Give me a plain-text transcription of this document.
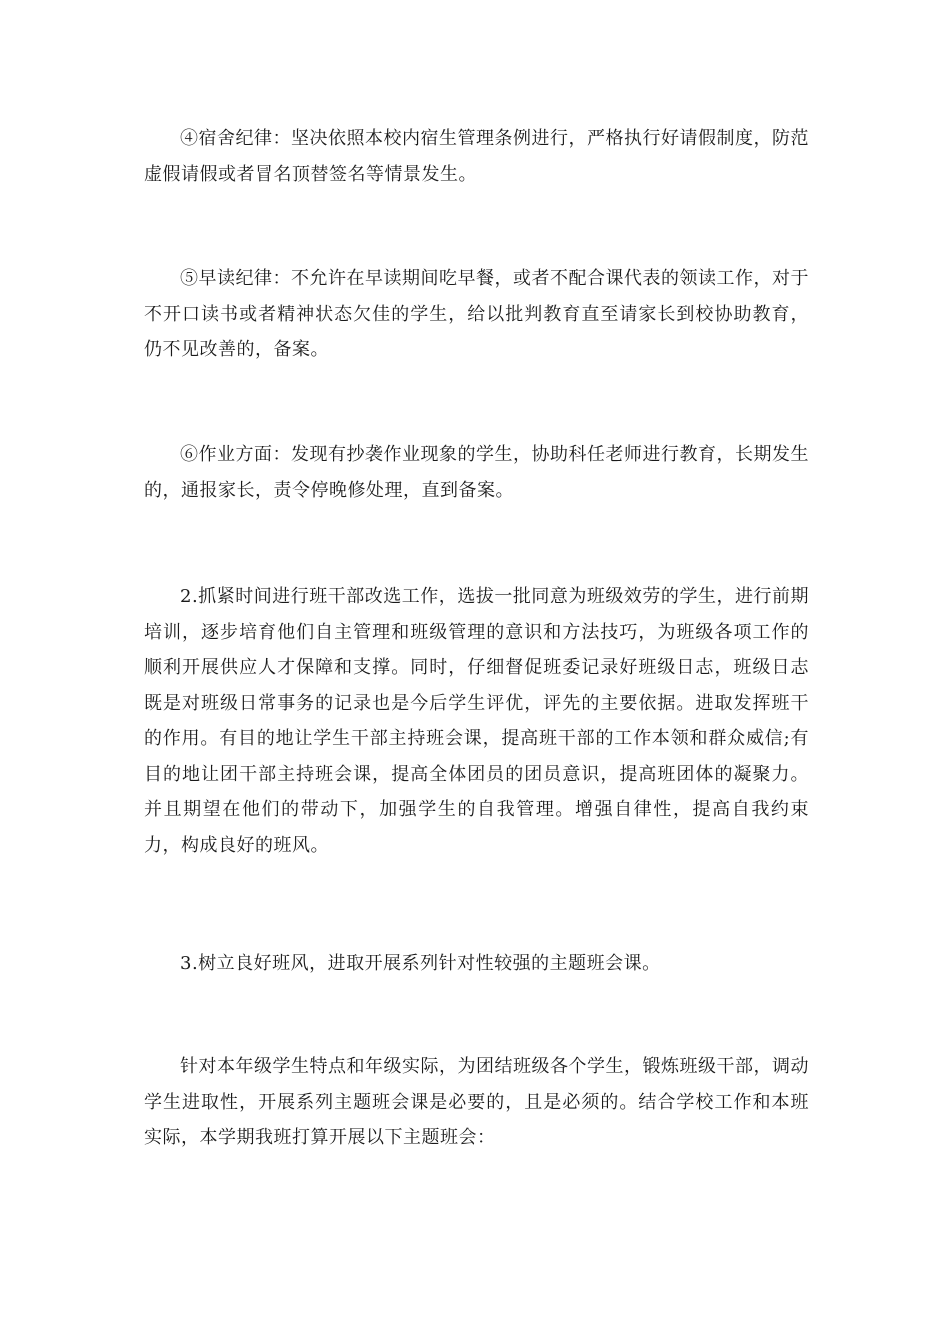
④宿舍纪律：坚决依照本校内宿生管理条例进行，严格执行好请假制度，防范虚假请假或者冒名顶替签名等情景发生。

⑤早读纪律：不允许在早读期间吃早餐，或者不配合课代表的领读工作，对于不开口读书或者精神状态欠佳的学生，给以批判教育直至请家长到校协助教育，仍不见改善的，备案。

⑥作业方面：发现有抄袭作业现象的学生，协助科任老师进行教育，长期发生的，通报家长，责令停晚修处理，直到备案。

2.抓紧时间进行班干部改选工作，选拔一批同意为班级效劳的学生，进行前期培训，逐步培育他们自主管理和班级管理的意识和方法技巧，为班级各项工作的顺利开展供应人才保障和支撑。同时，仔细督促班委记录好班级日志，班级日志既是对班级日常事务的记录也是今后学生评优，评先的主要依据。进取发挥班干的作用。有目的地让学生干部主持班会课，提高班干部的工作本领和群众威信;有目的地让团干部主持班会课，提高全体团员的团员意识，提高班团体的凝聚力。并且期望在他们的带动下，加强学生的自我管理。增强自律性，提高自我约束力，构成良好的班风。

3.树立良好班风，进取开展系列针对性较强的主题班会课。

针对本年级学生特点和年级实际，为团结班级各个学生，锻炼班级干部，调动学生进取性，开展系列主题班会课是必要的，且是必须的。结合学校工作和本班实际，本学期我班打算开展以下主题班会：
